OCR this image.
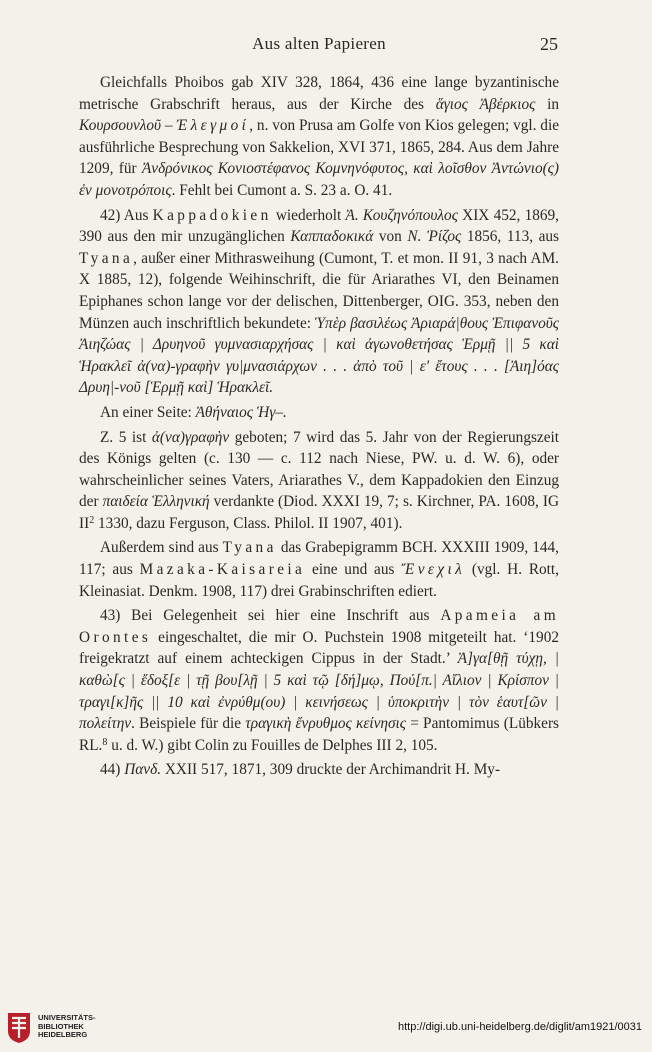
Aus alten Papieren	25

Gleichfalls Phoibos gab XIV 328, 1864, 436 eine lange byzantinische metrische Grabschrift heraus, aus der Kirche des ἅγιος Ἀβέρκιος in Κουρσουνλοῦ – Ἐλεγμοί, n. von Prusa am Golfe von Kios gelegen; vgl. die ausführliche Besprechung von Sakkelion, XVI 371, 1865, 284. Aus dem Jahre 1209, für Ἀνδρόνικος Κονιοστέφανος Κομνηνόφυτος, καὶ λοῖσθον Ἀντώνιο(ς) ἐν μονοτρόποις. Fehlt bei Cumont a. S. 23 a. O. 41.

42) Aus Kappadokien wiederholt Ἀ. Κουζηνόπουλος XIX 452, 1869, 390 aus den mir unzugänglichen Καππαδοκικά von Ν. Ῥίζος 1856, 113, aus Tyana, außer einer Mithrasweihung (Cumont, T. et mon. II 91, 3 nach AM. X 1885, 12), folgende Weihinschrift, die für Ariarathes VI, den Beinamen Epiphanes schon lange vor der delischen, Dittenberger, OIG. 353, neben den Münzen auch inschriftlich bekundete: Ὑπὲρ βασιλέως Ἀριαρά|θους Ἐπιφανοῦς Ἀιηζώας | Δρυηνοῦ γυμνασιαρχήσας | καὶ ἀγωνοθετήσας Ἑρμῇ || 5 καὶ Ἡρακλεῖ ἀ(να)-γραφὴν γυ|μνασιάρχων . . . ἀπὸ τοῦ | ε' ἔτους . . . [Ἀιη]όας Δρυη|-νοῦ [Ἑρμῇ καὶ] Ἡρακλεῖ.

An einer Seite: Ἀθήναιος Ἡγ–.

Z. 5 ist ἀ(να)γραφὴν geboten; 7 wird das 5. Jahr von der Regierungszeit des Königs gelten (c. 130 — c. 112 nach Niese, PW. u. d. W. 6), oder wahrscheinlicher seines Vaters, Ariarathes V., dem Kappadokien den Einzug der παιδεία Ἑλληνική verdankte (Diod. XXXI 19, 7; s. Kirchner, PA. 1608, IG $II^2$ 1330, dazu Ferguson, Class. Philol. II 1907, 401).

Außerdem sind aus Tyana das Grabepigramm BCH. XXXIII 1909, 144, 117; aus Mazaka-Kaisareia eine und aus Ἔνεχιλ (vgl. H. Rott, Kleinasiat. Denkm. 1908, 117) drei Grabinschriften ediert.

43) Bei Gelegenheit sei hier eine Inschrift aus Apameia am Orontes eingeschaltet, die mir O. Puchstein 1908 mitgeteilt hat. ‘1902 freigekratzt auf einem achteckigen Cippus in der Stadt.’ Ἀ]γα[θῇ τύχῃ, | καθὼ[ς | ἔδοξ[ε | τῇ βου[λῇ | 5 καὶ τῷ [δή]μῳ, Πού[π.| Αἴλιον | Κρίσπον | τραγι[κ]ῆς || 10 καὶ ἐνρύθμ(ου) | κεινήσεως | ὑποκριτὴν | τὸν ἑαυτ[ῶν | πολείτην. Beispiele für die τραγικὴ ἔνρυθμος κείνησις = Pantomimus (Lübkers RL.$^8$ u. d. W.) gibt Colin zu Fouilles de Delphes III 2, 105.

44) Πανδ. XXII 517, 1871, 309 druckte der Archimandrit H. My-

UNIVERSITÄTS-
BIBLIOTHEK
HEIDELBERG
http://digi.ub.uni-heidelberg.de/diglit/am1921/0031
